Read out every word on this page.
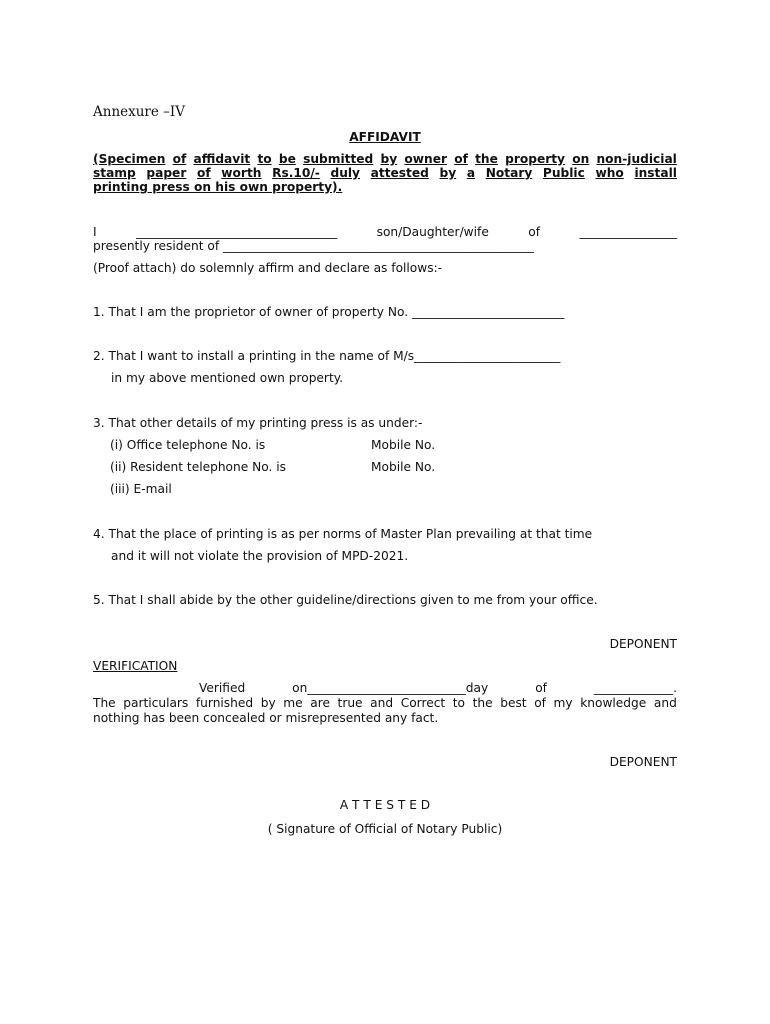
Annexure –IV
AFFIDAVIT
(Specimen of affidavit to be submitted by owner of the property on non-judicial
stamp paper of worth Rs.10/- duly attested by a Notary Public who install
printing press on his own property).
I	_________________________________	son/Daughter/wife	of	________________
presently resident of ___________________________________________________
(Proof attach) do solemnly affirm and declare as follows:-
1. That I am the proprietor of owner of property No. _________________________
2. That I want to install a printing in the name of M/s________________________
in my above mentioned own property.
3. That other details of my printing press is as under:-
(i) Office telephone No. is	Mobile No.
(ii) Resident telephone No. is	Mobile No.
(iii) E-mail
4. That the place of printing is as per norms of Master Plan prevailing at that time
and it will not violate the provision of MPD-2021.
5. That I shall abide by the other guideline/directions given to me from your office.
DEPONENT
VERIFICATION
Verified	on__________________________day	of	_____________.
The particulars furnished by me are true and Correct to the best of my knowledge and
nothing has been concealed or misrepresented any fact.
DEPONENT
A T T E S T E D
( Signature of Official of Notary Public)
